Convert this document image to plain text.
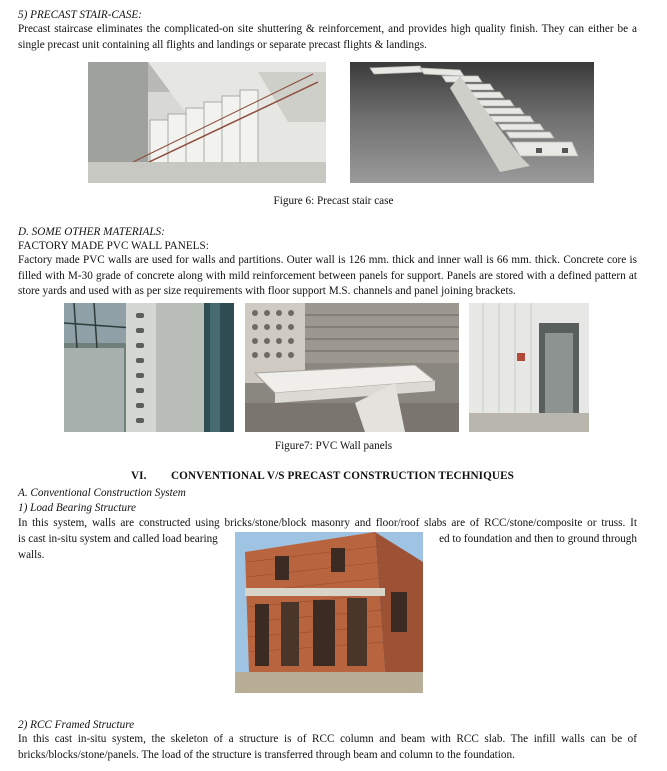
5) PRECAST STAIR-CASE:
Precast staircase eliminates the complicated-on site shuttering & reinforcement, and provides high quality finish. They can either be a single precast unit containing all flights and landings or separate precast flights & landings.
Figure 6: Precast stair case
D. SOME OTHER MATERIALS:
FACTORY MADE PVC WALL PANELS:
Factory made PVC walls are used for walls and partitions. Outer wall is 126 mm. thick and inner wall is 66 mm. thick. Concrete core is filled with M-30 grade of concrete along with mild reinforcement between panels for support. Panels are stored with a defined pattern at store yards and used with as per size requirements with floor support M.S. channels and panel joining brackets.
Figure7: PVC Wall panels
VI. CONVENTIONAL V/S PRECAST CONSTRUCTION TECHNIQUES
A. Conventional Construction System
1) Load Bearing Structure
In this system, walls are constructed using bricks/stone/block masonry and floor/roof slabs are of RCC/stone/composite or truss. It
is cast in-situ system and called load bearing	ed to foundation and then to ground through
walls.
2) RCC Framed Structure
In this cast in-situ system, the skeleton of a structure is of RCC column and beam with RCC slab. The infill walls can be of bricks/blocks/stone/panels. The load of the structure is transferred through beam and column to the foundation.
